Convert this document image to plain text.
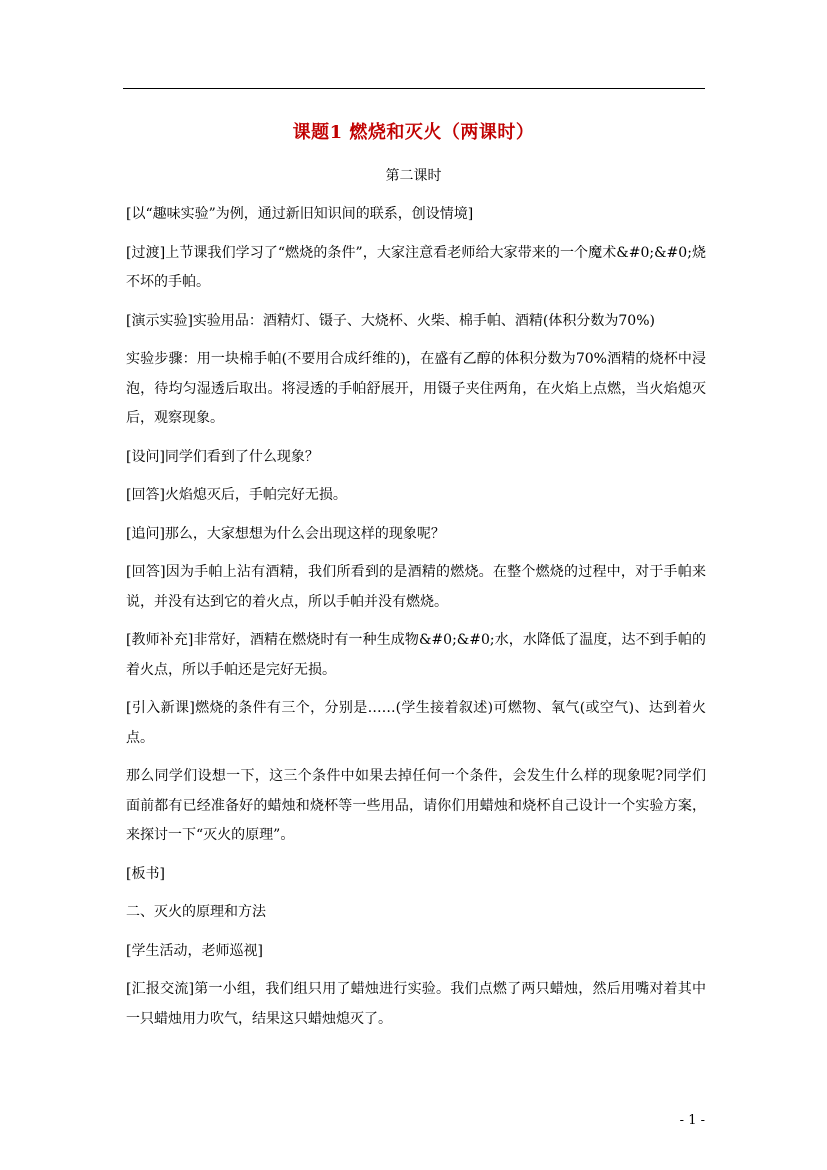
课题1 燃烧和灭火（两课时）
第二课时

[以“趣味实验”为例，通过新旧知识间的联系，创设情境]

[过渡]上节课我们学习了“燃烧的条件”，大家注意看老师给大家带来的一个魔术&#0;&#0;烧不坏的手帕。

[演示实验]实验用品：酒精灯、镊子、大烧杯、火柴、棉手帕、酒精(体积分数为70%)

实验步骤：用一块棉手帕(不要用合成纤维的)，在盛有乙醇的体积分数为70%酒精的烧杯中浸泡，待均匀湿透后取出。将浸透的手帕舒展开，用镊子夹住两角，在火焰上点燃，当火焰熄灭后，观察现象。

[设问]同学们看到了什么现象？

[回答]火焰熄灭后，手帕完好无损。

[追问]那么，大家想想为什么会出现这样的现象呢？

[回答]因为手帕上沾有酒精，我们所看到的是酒精的燃烧。在整个燃烧的过程中，对于手帕来说，并没有达到它的着火点，所以手帕并没有燃烧。

[教师补充]非常好，酒精在燃烧时有一种生成物&#0;&#0;水，水降低了温度，达不到手帕的着火点，所以手帕还是完好无损。

[引入新课]燃烧的条件有三个，分别是……(学生接着叙述)可燃物、氧气(或空气)、达到着火点。

那么同学们设想一下，这三个条件中如果去掉任何一个条件，会发生什么样的现象呢?同学们面前都有已经准备好的蜡烛和烧杯等一些用品，请你们用蜡烛和烧杯自己设计一个实验方案，来探讨一下“灭火的原理”。

[板书]

二、灭火的原理和方法

[学生活动，老师巡视]

[汇报交流]第一小组，我们组只用了蜡烛进行实验。我们点燃了两只蜡烛，然后用嘴对着其中一只蜡烛用力吹气，结果这只蜡烛熄灭了。

- 1 -
